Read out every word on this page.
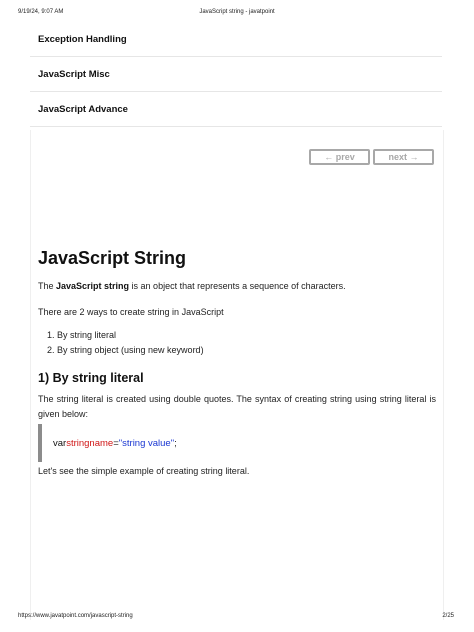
9/19/24, 9:07 AM	JavaScript string - javatpoint
Exception Handling
JavaScript Misc
JavaScript Advance
← prev	next →
JavaScript String
The JavaScript string is an object that represents a sequence of characters.
There are 2 ways to create string in JavaScript
1. By string literal
2. By string object (using new keyword)
1) By string literal
The string literal is created using double quotes. The syntax of creating string using string literal is given below:
var stringname = "string value" ;
Let's see the simple example of creating string literal.
https://www.javatpoint.com/javascript-string	2/25
